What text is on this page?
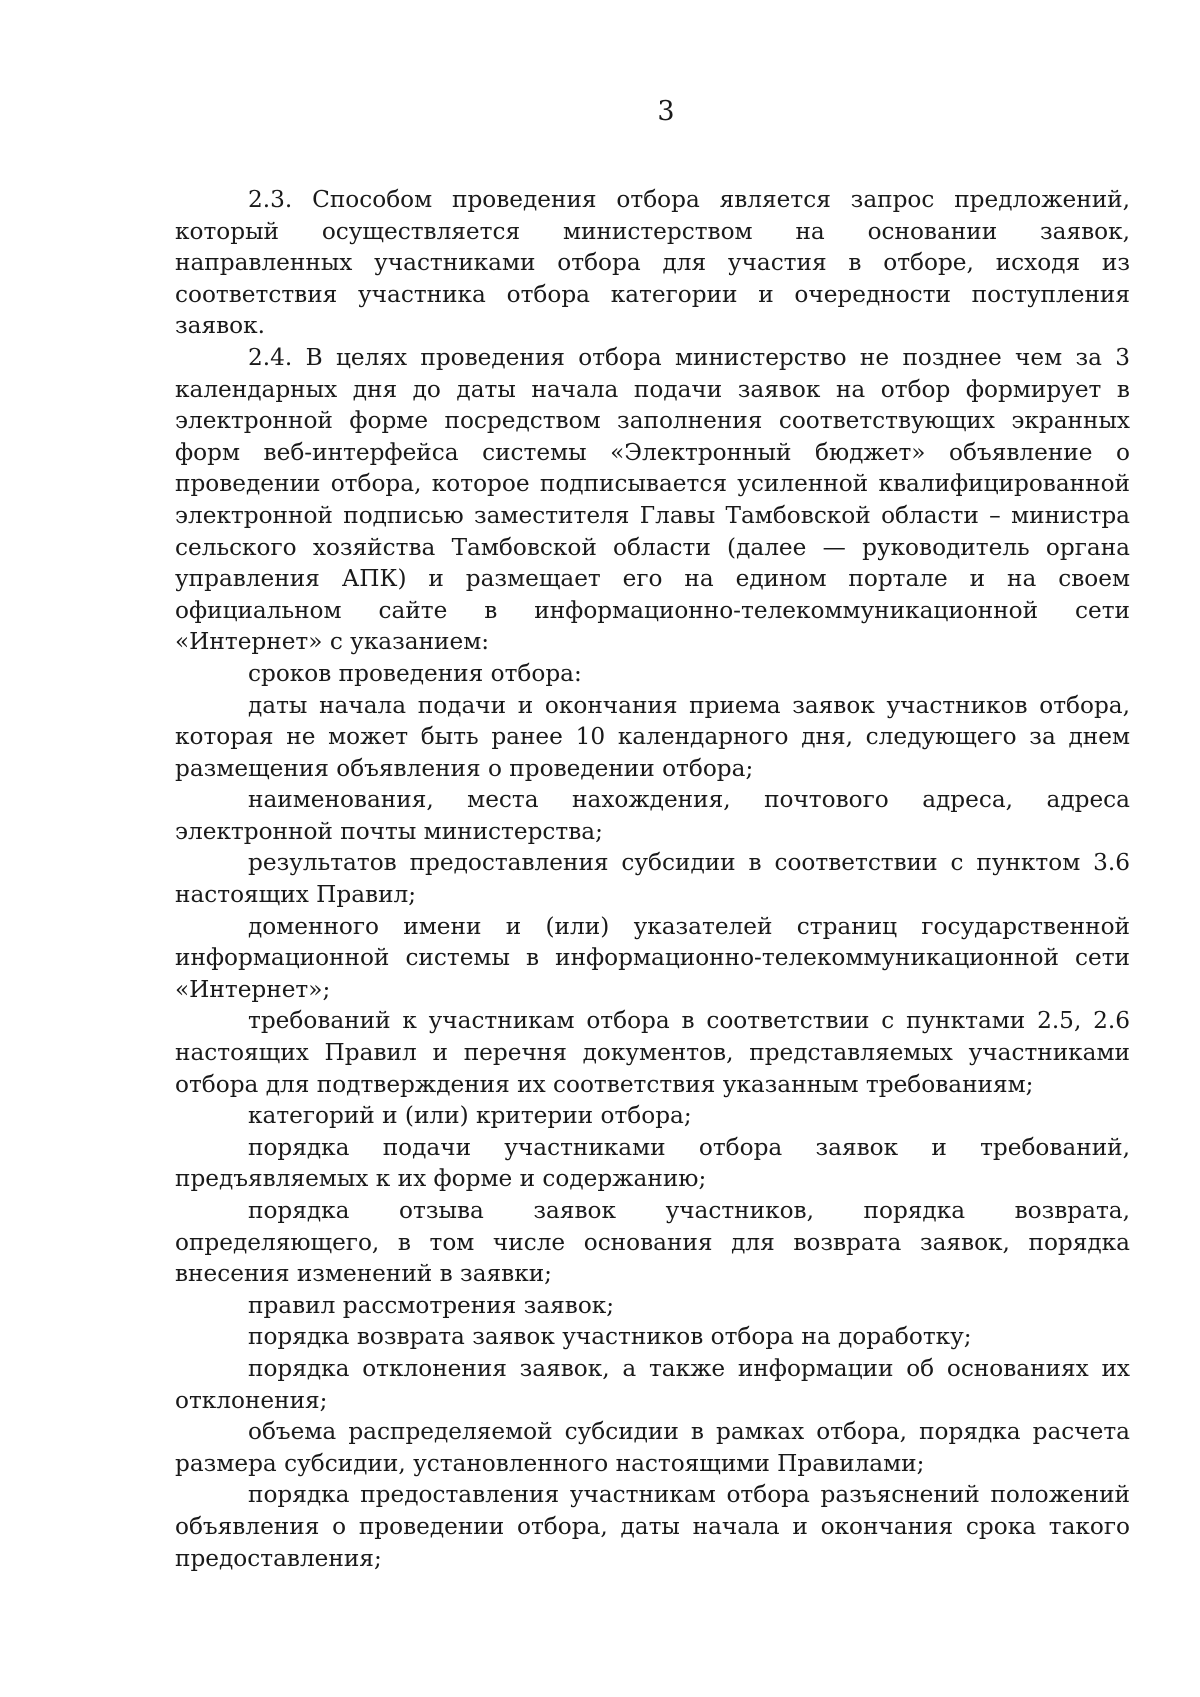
3

2.3. Способом проведения отбора является запрос предложений, который осуществляется министерством на основании заявок, направленных участниками отбора для участия в отборе, исходя из соответствия участника отбора категории и очередности поступления заявок.

2.4. В целях проведения отбора министерство не позднее чем за 3 календарных дня до даты начала подачи заявок на отбор формирует в электронной форме посредством заполнения соответствующих экранных форм веб-интерфейса системы «Электронный бюджет» объявление о проведении отбора, которое подписывается усиленной квалифицированной электронной подписью заместителя Главы Тамбовской области – министра сельского хозяйства Тамбовской области (далее — руководитель органа управления АПК) и размещает его на едином портале и на своем официальном сайте в информационно-телекоммуникационной сети «Интернет» с указанием:

сроков проведения отбора:

даты начала подачи и окончания приема заявок участников отбора, которая не может быть ранее 10 календарного дня, следующего за днем размещения объявления о проведении отбора;

наименования, места нахождения, почтового адреса, адреса электронной почты министерства;

результатов предоставления субсидии в соответствии с пунктом 3.6 настоящих Правил;

доменного имени и (или) указателей страниц государственной информационной системы в информационно-телекоммуникационной сети «Интернет»;

требований к участникам отбора в соответствии с пунктами 2.5, 2.6 настоящих Правил и перечня документов, представляемых участниками отбора для подтверждения их соответствия указанным требованиям;

категорий и (или) критерии отбора;

порядка подачи участниками отбора заявок и требований, предъявляемых к их форме и содержанию;

порядка отзыва заявок участников, порядка возврата, определяющего, в том числе основания для возврата заявок, порядка внесения изменений в заявки;

правил рассмотрения заявок;

порядка возврата заявок участников отбора на доработку;

порядка отклонения заявок, а также информации об основаниях их отклонения;

объема распределяемой субсидии в рамках отбора, порядка расчета размера субсидии, установленного настоящими Правилами;

порядка предоставления участникам отбора разъяснений положений объявления о проведении отбора, даты начала и окончания срока такого предоставления;
